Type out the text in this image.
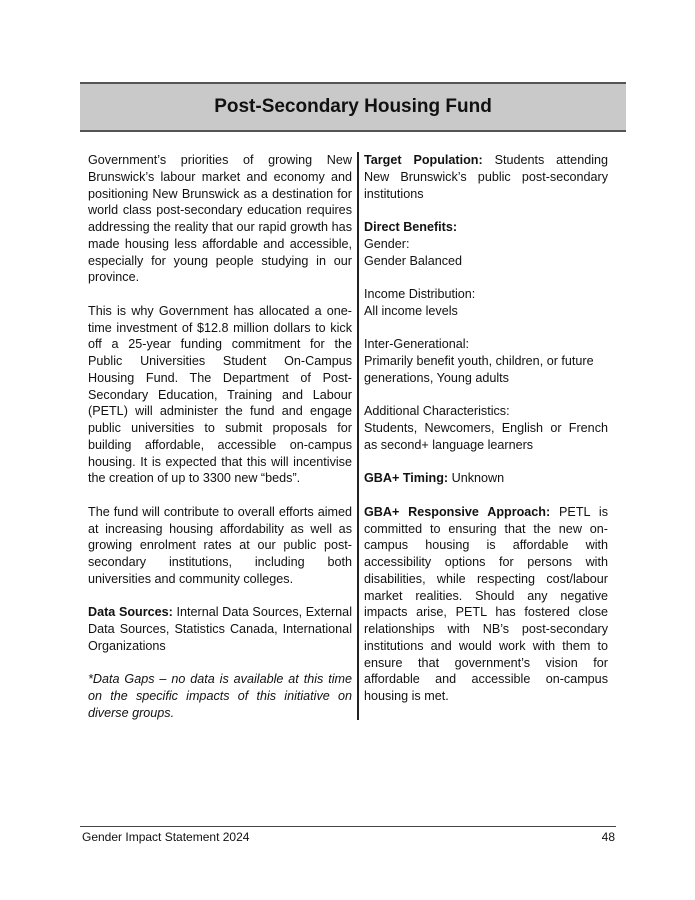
Post-Secondary Housing Fund

Government’s priorities of growing New Brunswick’s labour market and economy and positioning New Brunswick as a destination for world class post-secondary education requires addressing the reality that our rapid growth has made housing less affordable and accessible, especially for young people studying in our province.

This is why Government has allocated a one-time investment of $12.8 million dollars to kick off a 25-year funding commitment for the Public Universities Student On-Campus Housing Fund. The Department of Post-Secondary Education, Training and Labour (PETL) will administer the fund and engage public universities to submit proposals for building affordable, accessible on-campus housing. It is expected that this will incentivise the creation of up to 3300 new “beds”.

The fund will contribute to overall efforts aimed at increasing housing affordability as well as growing enrolment rates at our public post-secondary institutions, including both universities and community colleges.

Data Sources: Internal Data Sources, External Data Sources, Statistics Canada, International Organizations

*Data Gaps – no data is available at this time on the specific impacts of this initiative on diverse groups.

Target Population: Students attending New Brunswick’s public post-secondary institutions

Direct Benefits:
Gender:
Gender Balanced
Income Distribution:
All income levels
Inter-Generational:

Primarily benefit youth, children, or future generations, Young adults

Additional Characteristics:

Students, Newcomers, English or French as second+ language learners

GBA+ Timing: Unknown

GBA+ Responsive Approach: PETL is committed to ensuring that the new on-campus housing is affordable with accessibility options for persons with disabilities, while respecting cost/labour market realities. Should any negative impacts arise, PETL has fostered close relationships with NB’s post-secondary institutions and would work with them to ensure that government’s vision for affordable and accessible on-campus housing is met.

Gender Impact Statement 2024	48
